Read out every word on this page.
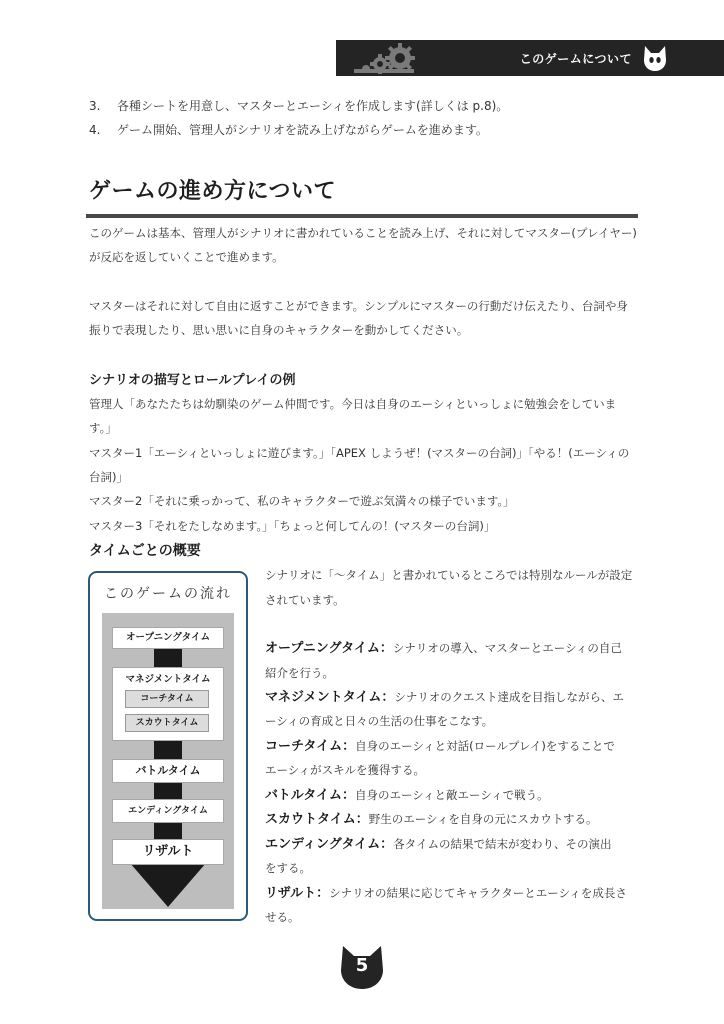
このゲームについて
3.	各種シートを用意し、マスターとエーシィを作成します(詳しくは p.8)。
4.	ゲーム開始、管理人がシナリオを読み上げながらゲームを進めます。
ゲームの進め方について

このゲームは基本、管理人がシナリオに書かれていることを読み上げ、それに対してマスター(プレイヤー)

が反応を返していくことで進めます。

マスターはそれに対して自由に返すことができます。シンプルにマスターの行動だけ伝えたり、台詞や身

振りで表現したり、思い思いに自身のキャラクターを動かしてください。

シナリオの描写とロールプレイの例

管理人「あなたたちは幼馴染のゲーム仲間です。今日は自身のエーシィといっしょに勉強会をしていま

す。」

マスター1「エーシィといっしょに遊びます。」「APEX しようぜ！(マスターの台詞)」「やる！(エーシィの

台詞)」

マスター2「それに乗っかって、私のキャラクターで遊ぶ気満々の様子でいます。」

マスター3「それをたしなめます。」「ちょっと何してんの！(マスターの台詞)」

タイムごとの概要
このゲームの流れ
オープニングタイム
マネジメントタイム
コーチタイム
スカウトタイム
バトルタイム
エンディングタイム
リザルト

シナリオに「～タイム」と書かれているところでは特別なルールが設定

されています。

オープニングタイム：シナリオの導入、マスターとエーシィの自己

紹介を行う。

マネジメントタイム：シナリオのクエスト達成を目指しながら、エ

ーシィの育成と日々の生活の仕事をこなす。

コーチタイム：自身のエーシィと対話(ロールプレイ)をすることで

エーシィがスキルを獲得する。

バトルタイム：自身のエーシィと敵エーシィで戦う。

スカウトタイム：野生のエーシィを自身の元にスカウトする。

エンディングタイム：各タイムの結果で結末が変わり、その演出

をする。

リザルト：シナリオの結果に応じてキャラクターとエーシィを成長さ

せる。

5
